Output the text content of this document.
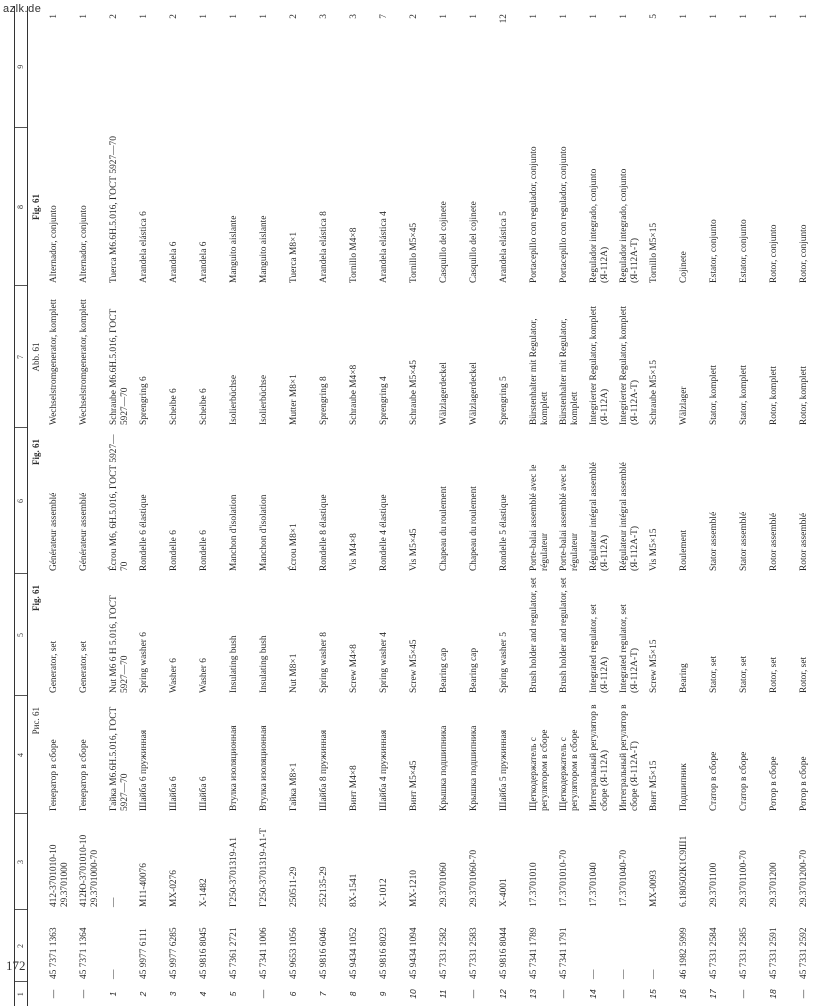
azlk.de
1	2	3	4	5	6	7	8	9

			Рис. 61	Fig. 61	Fig. 61	Abb. 61	Fig. 61	

—	45 7371 1363	412-3701010-10 29.3701000	Генератор в сборе	Generator, set	Générateur assemblé	Wechselstromgenerator, komplett	Alternador, conjunto	1
—	45 7371 1364	412Ю-3701010-10 29.3701000-70	Генератор в сборе	Generator, set	Générateur assemblé	Wechselstromgenerator, komplett	Alternador, conjunto	1
1	—	—	Гайка М6.6Н.5.016, ГОСТ 5927—70	Nut M6 6 H 5.016, ГОСТ 5927—70	Écrou M6, 6H.5.016, ГОСТ 5927—70	Schraube M6.6H.5.016, ГОСТ 5927—70	Tuerca M6.6H.5.016, ГОСТ 5927—70	2
2	45 9977 6111	M11-40076	Шайба 6 пружинная	Spring washer 6	Rondelle 6 élastique	Sprengring 6	Arandela elástica 6	1
3	45 9977 6285	MX-0276	Шайба 6	Washer 6	Rondelle 6	Scheibe 6	Arandela 6	2
4	45 9816 8045	X-1482	Шайба 6	Washer 6	Rondelle 6	Scheibe 6	Arandela 6	1
5	45 7361 2721	Г250-3701319-А1	Втулка изоляционная	Insulating bush	Manchon d'isolation	Isolierbüchse	Manguito aislante	1
—	45 7341 1006	Г250-3701319-А1-Т	Втулка изоляционная	Insulating bush	Manchon d'isolation	Isolierbüchse	Manguito aislante	1
6	45 9653 1056	250511-29	Гайка М8×1	Nut M8×1	Écrou M8×1	Mutter M8×1	Tuerca M8×1	2
7	45 9816 6046	252135-29	Шайба 8 пружинная	Spring washer 8	Rondelle 8 élastique	Sprengring 8	Arandela elástica 8	3
8	45 9434 1052	8X-1541	Винт М4×8	Screw M4×8	Vis M4×8	Schraube M4×8	Tornillo M4×8	3
9	45 9816 8023	X-1012	Шайба 4 пружинная	Spring washer 4	Rondelle 4 élastique	Sprengring 4	Arandela elástica 4	7
10	45 9434 1094	MX-1210	Винт М5×45	Screw M5×45	Vis M5×45	Schraube M5×45	Tornillo M5×45	2
11	45 7331 2582	29.3701060	Крышка подшипника	Bearing cap	Chapeau du roulement	Wälzlagerdeckel	Casquillo del cojinete	1
—	45 7331 2583	29.3701060-70	Крышка подшипника	Bearing cap	Chapeau du roulement	Wälzlagerdeckel	Casquillo del cojinete	1
12	45 9816 8044	X-4001	Шайба 5 пружинная	Spring washer 5	Rondelle 5 élastique	Sprengring 5	Arandela elástica 5	12
13	45 7341 1789	17.3701010	Щеткодержатель с регулятором в сборе	Brush holder and regulator, set	Porte-balai assemblé avec le régulateur	Bürstenhalter mit Regulator, komplett	Portacepillo con regulador, conjunto	1
—	45 7341 1791	17.3701010-70	Щеткодержатель с регулятором в сборе	Brush holder and regulator, set	Porte-balai assemblé avec le régulateur	Bürstenhalter mit Regulator, komplett	Portacepillo con regulador, conjunto	1
14	—	17.3701040	Интегральный регулятор в сборе (Я-112А)	Integrated regulator, set (Я-112А)	Régulateur intégral assemblé (Я-112А)	Integrierter Regulator, komplett (Я-112А)	Regulador integrado, conjunto (Я-112А)	1
—	—	17.3701040-70	Интегральный регулятор в сборе (Я-112А-Т)	Integrated regulator, set (Я-112А-Т)	Régulateur intégral assemblé (Я-112А-Т)	Integrierter Regulator, komplett (Я-112А-Т)	Regulador integrado, conjunto (Я-112А-Т)	1
15	—	MX-0093	Винт М5×15	Screw M5×15	Vis M5×15	Schraube M5×15	Tornillo M5×15	5
16	46 1982 5999	6.180502К1С9Ш1	Подшипник	Bearing	Roulement	Wälzlager	Cojinete	1
17	45 7331 2584	29.3701100	Статор в сборе	Stator, set	Stator assemblé	Stator, komplett	Estator, conjunto	1
—	45 7331 2585	29.3701100-70	Статор в сборе	Stator, set	Stator assemblé	Stator, komplett	Estator, conjunto	1
18	45 7331 2591	29.3701200	Ротор в сборе	Rotor, set	Rotor assemblé	Rotor, komplett	Rotor, conjunto	1
—	45 7331 2592	29.3701200-70	Ротор в сборе	Rotor, set	Rotor assemblé	Rotor, komplett	Rotor, conjunto	1
172
